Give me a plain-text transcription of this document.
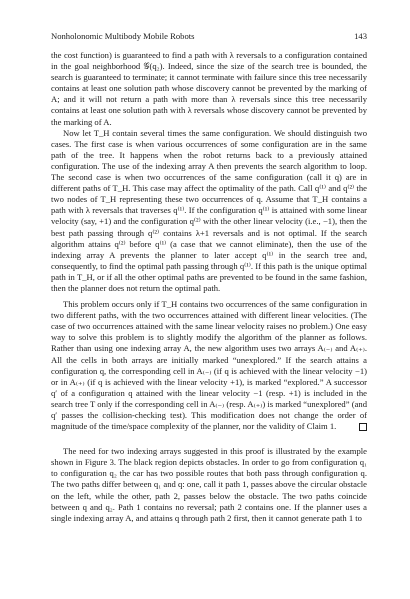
Nonholonomic Multibody Mobile Robots	143

the cost function) is guaranteed to find a path with λ reversals to a configuration contained in the goal neighborhood 𝒢(q₂). Indeed, since the size of the search tree is bounded, the search is guaranteed to terminate; it cannot terminate with failure since this tree necessarily contains at least one solution path whose discovery cannot be prevented by the marking of A; and it will not return a path with more than λ reversals since this tree necessarily contains at least one solution path with λ reversals whose discovery cannot be prevented by the marking of A.

Now let T_H contain several times the same configuration. We should distinguish two cases. The first case is when various occurrences of some configuration are in the same path of the tree. It happens when the robot returns back to a previously attained configuration. The use of the indexing array A then prevents the search algorithm to loop. The second case is when two occurrences of the same configuration (call it q) are in different paths of T_H. This case may affect the optimality of the path. Call q⁽¹⁾ and q⁽²⁾ the two nodes of T_H representing these two occurrences of q. Assume that T_H contains a path with λ reversals that traverses q⁽¹⁾. If the configuration q⁽¹⁾ is attained with some linear velocity (say, +1) and the configuration q⁽²⁾ with the other linear velocity (i.e., −1), then the best path passing through q⁽²⁾ contains λ+1 reversals and is not optimal. If the search algorithm attains q⁽²⁾ before q⁽¹⁾ (a case that we cannot eliminate), then the use of the indexing array A prevents the planner to later accept q⁽¹⁾ in the search tree and, consequently, to find the optimal path passing through q⁽¹⁾. If this path is the unique optimal path in T_H, or if all the other optimal paths are prevented to be found in the same fashion, then the planner does not return the optimal path.

This problem occurs only if T_H contains two occurrences of the same configuration in two different paths, with the two occurrences attained with different linear velocities. (The case of two occurrences attained with the same linear velocity raises no problem.) One easy way to solve this problem is to slightly modify the algorithm of the planner as follows. Rather than using one indexing array A, the new algorithm uses two arrays A₍₋₎ and A₍₊₎. All the cells in both arrays are initially marked “unexplored.” If the search attains a configuration q, the corresponding cell in A₍₋₎ (if q is achieved with the linear velocity −1) or in A₍₊₎ (if q is achieved with the linear velocity +1), is marked “explored.” A successor q′ of a configuration q attained with the linear velocity −1 (resp. +1) is included in the search tree T only if the corresponding cell in A₍₋₎ (resp. A₍₊₎) is marked “unexplored” (and q′ passes the collision-checking test). This modification does not change the order of magnitude of the time/space complexity of the planner, nor the validity of Claim 1.

The need for two indexing arrays suggested in this proof is illustrated by the example shown in Figure 3. The black region depicts obstacles. In order to go from configuration q₁ to configuration q₂ the car has two possible routes that both pass through configuration q. The two paths differ between q₁ and q: one, call it path 1, passes above the circular obstacle on the left, while the other, path 2, passes below the obstacle. The two paths coincide between q and q₂. Path 1 contains no reversal; path 2 contains one. If the planner uses a single indexing array A, and attains q through path 2 first, then it cannot generate path 1 to
